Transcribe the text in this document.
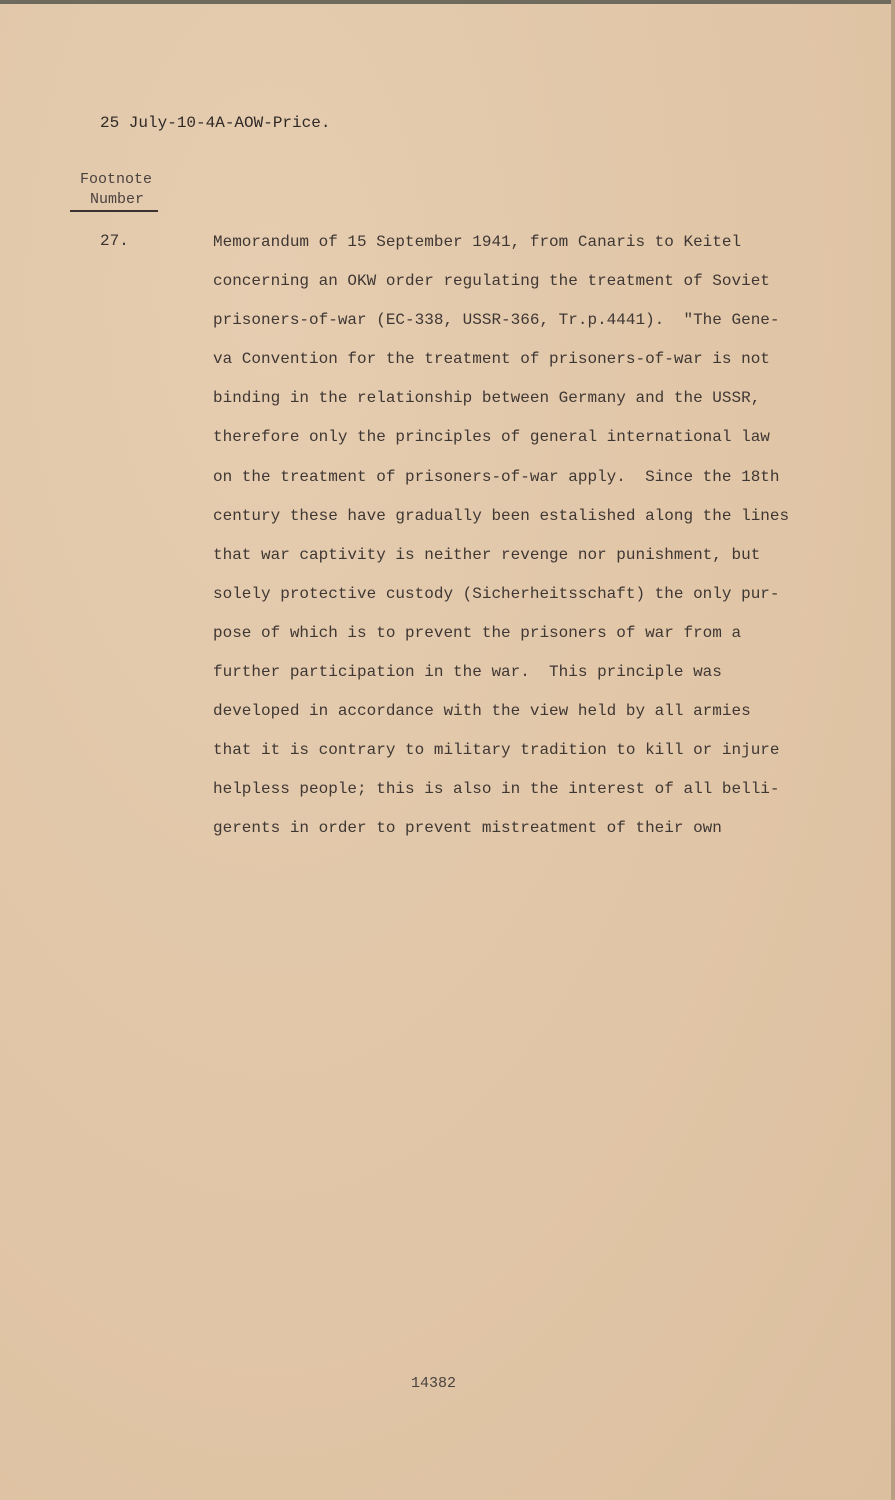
25 July-10-4A-AOW-Price.
Footnote
Number
27.	Memorandum of 15 September 1941, from Canaris to Keitel
concerning an OKW order regulating the treatment of Soviet
prisoners-of-war (EC-338, USSR-366, Tr.p.4441).  "The Gene-
va Convention for the treatment of prisoners-of-war is not
binding in the relationship between Germany and the USSR,
therefore only the principles of general international law
on the treatment of prisoners-of-war apply.  Since the 18th
century these have gradually been estalished along the lines
that war captivity is neither revenge nor punishment, but
solely protective custody (Sicherheitsschaft) the only pur-
pose of which is to prevent the prisoners of war from a
further participation in the war.  This principle was
developed in accordance with the view held by all armies
that it is contrary to military tradition to kill or injure
helpless people; this is also in the interest of all belli-
gerents in order to prevent mistreatment of their own
14382
